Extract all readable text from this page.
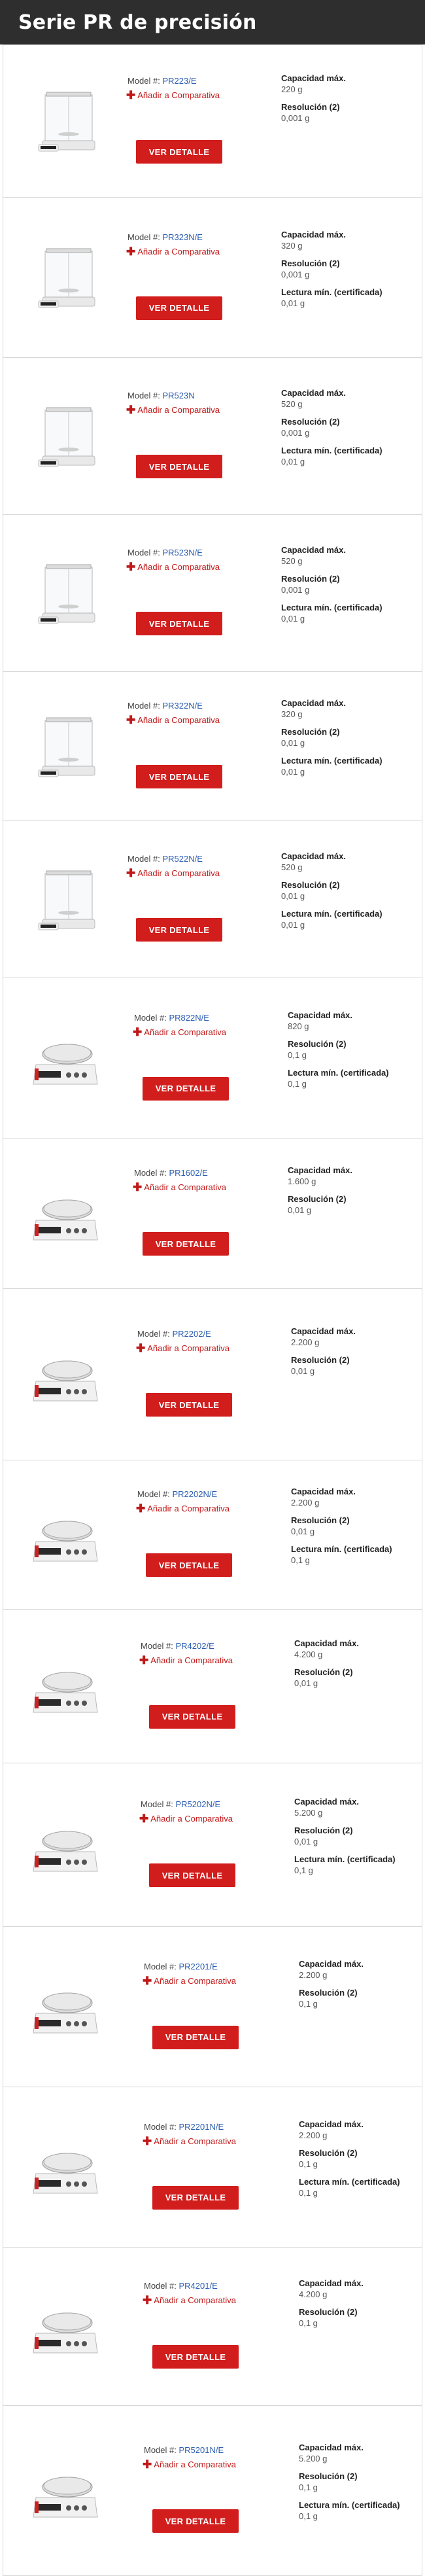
Serie PR de precisión
Model #: PR223/E
✚ Añadir a Comparativa
VER DETALLE
Capacidad máx.
220 g
Resolución (2)
0,001 g
Model #: PR323N/E
✚ Añadir a Comparativa
VER DETALLE
Capacidad máx.
320 g
Resolución (2)
0,001 g
Lectura mín. (certificada)
0,01 g
Model #: PR523N
✚ Añadir a Comparativa
VER DETALLE
Capacidad máx.
520 g
Resolución (2)
0,001 g
Lectura mín. (certificada)
0,01 g
Model #: PR523N/E
✚ Añadir a Comparativa
VER DETALLE
Capacidad máx.
520 g
Resolución (2)
0,001 g
Lectura mín. (certificada)
0,01 g
Model #: PR322N/E
✚ Añadir a Comparativa
VER DETALLE
Capacidad máx.
320 g
Resolución (2)
0,01 g
Lectura mín. (certificada)
0,01 g
Model #: PR522N/E
✚ Añadir a Comparativa
VER DETALLE
Capacidad máx.
520 g
Resolución (2)
0,01 g
Lectura mín. (certificada)
0,01 g
Model #: PR822N/E
✚ Añadir a Comparativa
VER DETALLE
Capacidad máx.
820 g
Resolución (2)
0,1 g
Lectura mín. (certificada)
0,1 g
Model #: PR1602/E
✚ Añadir a Comparativa
VER DETALLE
Capacidad máx.
1.600 g
Resolución (2)
0,01 g
Model #: PR2202/E
✚ Añadir a Comparativa
VER DETALLE
Capacidad máx.
2.200 g
Resolución (2)
0,01 g
Model #: PR2202N/E
✚ Añadir a Comparativa
VER DETALLE
Capacidad máx.
2.200 g
Resolución (2)
0,01 g
Lectura mín. (certificada)
0,1 g
Model #: PR4202/E
✚ Añadir a Comparativa
VER DETALLE
Capacidad máx.
4.200 g
Resolución (2)
0,01 g
Model #: PR5202N/E
✚ Añadir a Comparativa
VER DETALLE
Capacidad máx.
5.200 g
Resolución (2)
0,01 g
Lectura mín. (certificada)
0,1 g
Model #: PR2201/E
✚ Añadir a Comparativa
VER DETALLE
Capacidad máx.
2.200 g
Resolución (2)
0,1 g
Model #: PR2201N/E
✚ Añadir a Comparativa
VER DETALLE
Capacidad máx.
2.200 g
Resolución (2)
0,1 g
Lectura mín. (certificada)
0,1 g
Model #: PR4201/E
✚ Añadir a Comparativa
VER DETALLE
Capacidad máx.
4.200 g
Resolución (2)
0,1 g
Model #: PR5201N/E
✚ Añadir a Comparativa
VER DETALLE
Capacidad máx.
5.200 g
Resolución (2)
0,1 g
Lectura mín. (certificada)
0,1 g
